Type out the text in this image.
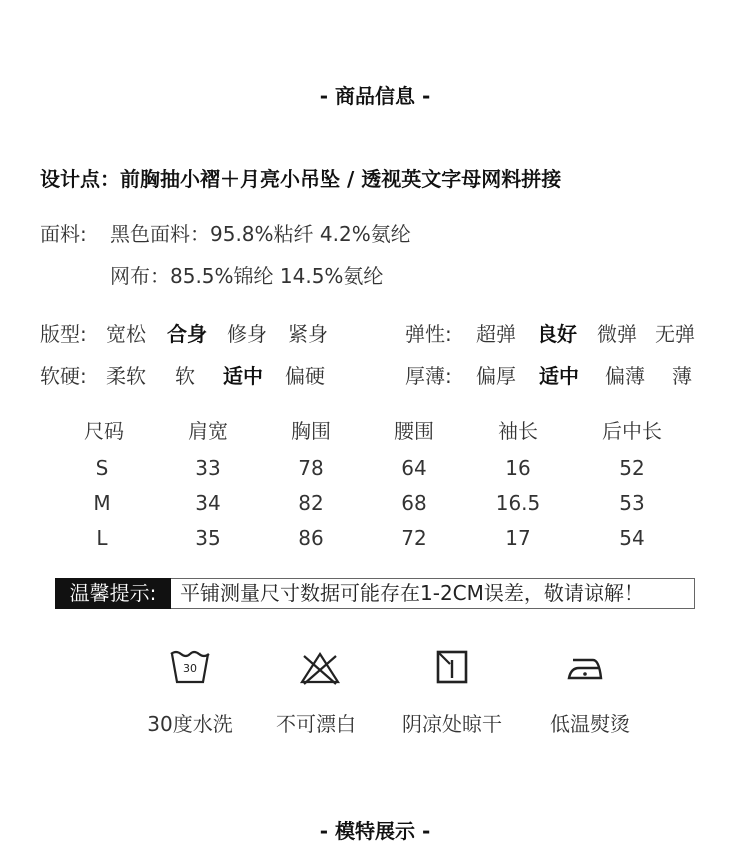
- 商品信息 -
设计点：前胸抽小褶＋月亮小吊坠 / 透视英文字母网料拼接
面料: 黑色面料：95.8%粘纤 4.2%氨纶
网布：85.5%锦纶 14.5%氨纶
版型: 宽松 合身 修身 紧身	弹性: 超弹 良好 微弹 无弹
软硬: 柔软 软 适中 偏硬	厚薄: 偏厚 适中 偏薄 薄
尺码	肩宽	胸围	腰围	袖长	后中长
S	33	78	64	16	52
M	34	82	68	16.5	53
L	35	86	72	17	54
温馨提示:	平铺测量尺寸数据可能存在1-2CM误差，敬请谅解！
30
30度水洗	不可漂白	阴凉处晾干	低温熨烫
- 模特展示 -
